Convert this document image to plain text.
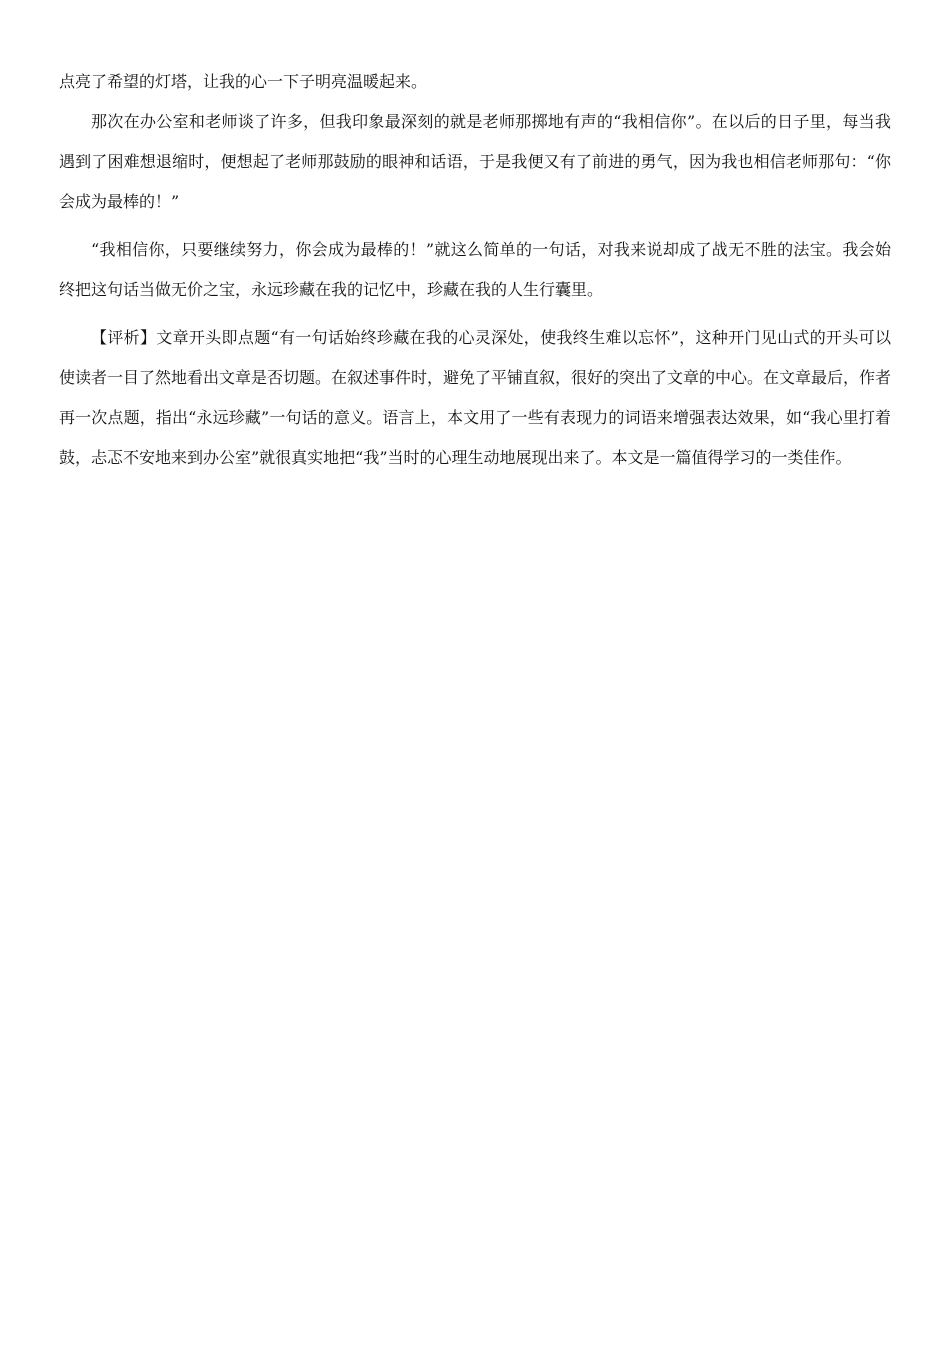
点亮了希望的灯塔，让我的心一下子明亮温暖起来。

那次在办公室和老师谈了许多，但我印象最深刻的就是老师那掷地有声的“我相信你”。在以后的日子里，每当我遇到了困难想退缩时，便想起了老师那鼓励的眼神和话语，于是我便又有了前进的勇气，因为我也相信老师那句：“你会成为最棒的！”

“我相信你，只要继续努力，你会成为最棒的！”就这么简单的一句话，对我来说却成了战无不胜的法宝。我会始终把这句话当做无价之宝，永远珍藏在我的记忆中，珍藏在我的人生行囊里。

【评析】文章开头即点题“有一句话始终珍藏在我的心灵深处，使我终生难以忘怀”，这种开门见山式的开头可以使读者一目了然地看出文章是否切题。在叙述事件时，避免了平铺直叙，很好的突出了文章的中心。在文章最后，作者再一次点题，指出“永远珍藏”一句话的意义。语言上，本文用了一些有表现力的词语来增强表达效果，如“我心里打着鼓，忐忑不安地来到办公室”就很真实地把“我”当时的心理生动地展现出来了。本文是一篇值得学习的一类佳作。
